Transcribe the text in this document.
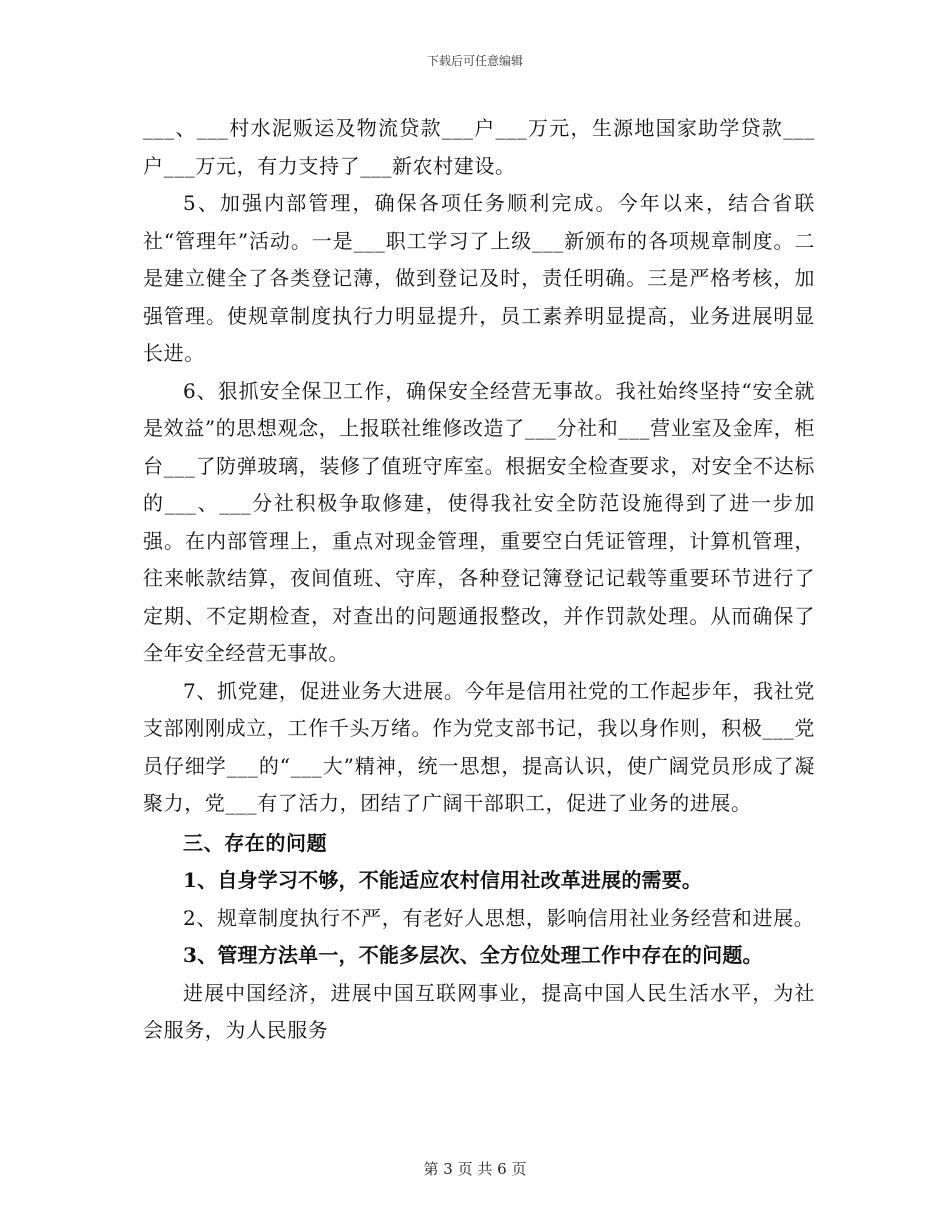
下载后可任意编辑

___、___村水泥贩运及物流贷款___户___万元，生源地国家助学贷款___户___万元，有力支持了___新农村建设。

5、加强内部管理，确保各项任务顺利完成。今年以来，结合省联社“管理年”活动。一是___职工学习了上级___新颁布的各项规章制度。二是建立健全了各类登记薄，做到登记及时，责任明确。三是严格考核，加强管理。使规章制度执行力明显提升，员工素养明显提高，业务进展明显长进。

6、狠抓安全保卫工作，确保安全经营无事故。我社始终坚持“安全就是效益”的思想观念，上报联社维修改造了___分社和___营业室及金库，柜台___了防弹玻璃，装修了值班守库室。根据安全检查要求，对安全不达标的___、___分社积极争取修建，使得我社安全防范设施得到了进一步加强。在内部管理上，重点对现金管理，重要空白凭证管理，计算机管理，往来帐款结算，夜间值班、守库，各种登记簿登记记载等重要环节进行了定期、不定期检查，对查出的问题通报整改，并作罚款处理。从而确保了全年安全经营无事故。

7、抓党建，促进业务大进展。今年是信用社党的工作起步年，我社党支部刚刚成立，工作千头万绪。作为党支部书记，我以身作则，积极___党员仔细学___的“___大”精神，统一思想，提高认识，使广阔党员形成了凝聚力，党___有了活力，团结了广阔干部职工，促进了业务的进展。

三、存在的问题

1、自身学习不够，不能适应农村信用社改革进展的需要。

2、规章制度执行不严，有老好人思想，影响信用社业务经营和进展。

3、管理方法单一，不能多层次、全方位处理工作中存在的问题。

进展中国经济，进展中国互联网事业，提高中国人民生活水平，为社会服务，为人民服务

第 3 页 共 6 页
